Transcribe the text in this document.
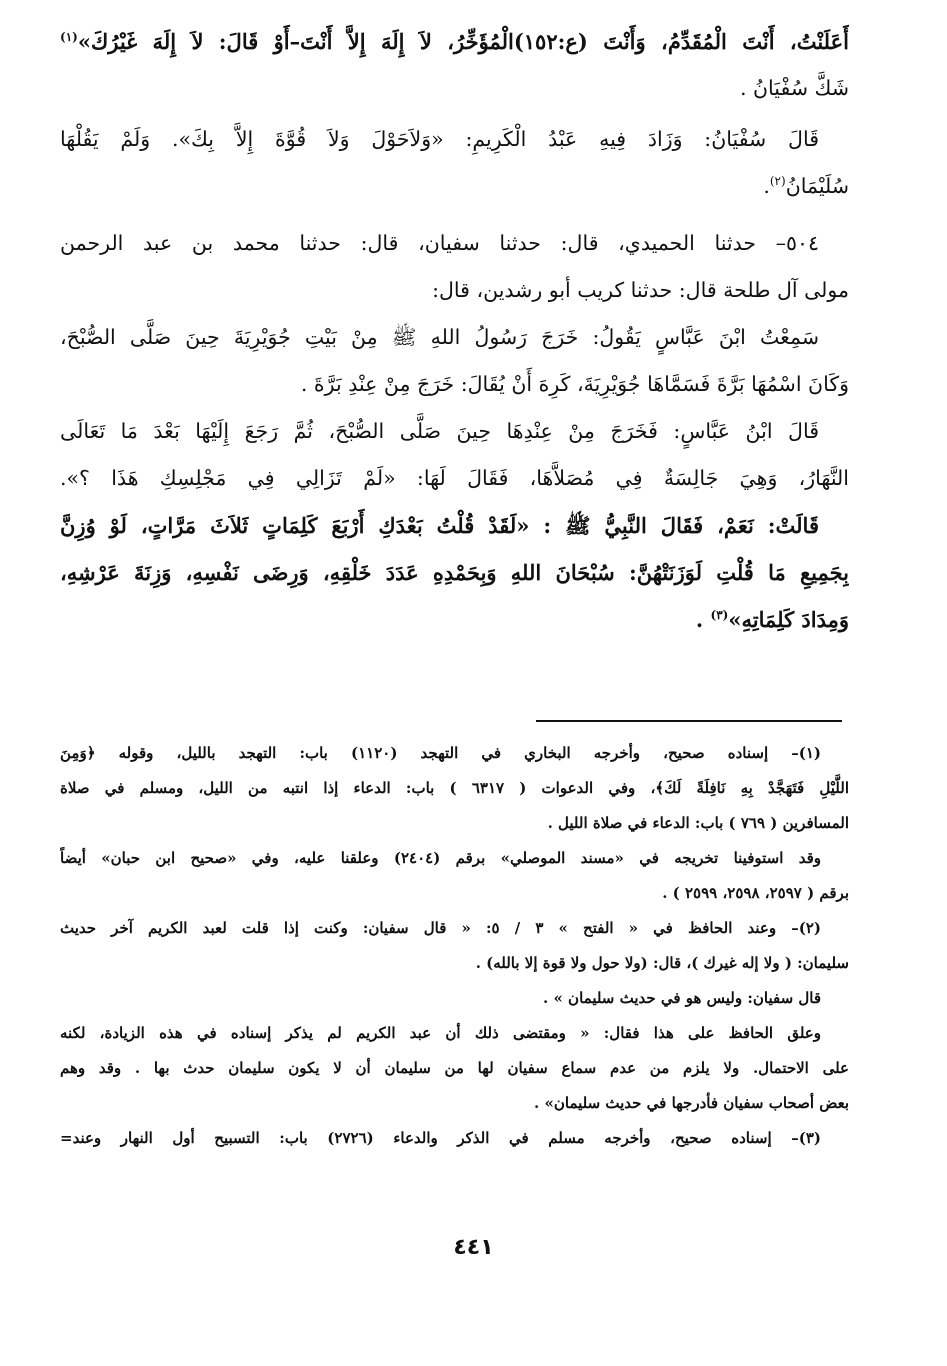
أَعَلَنْتُ، أَنْتَ الْمُقَدِّمُ، وَأَنْتَ (ع:١٥٢)الْمُؤَخِّرُ، لاَ إِلَهَ إِلاَّ أَنْتَ–أَوْ قَالَ: لاَ إِلَهَ غَيْرُكَ»$^{(١)}$
شَكَّ سُفْيَانُ .
قَالَ سُفْيَانُ: وَزَادَ فِيهِ عَبْدُ الْكَرِيمِ: «وَلاَحَوْلَ وَلاَ قُوَّةَ إِلاَّ بِكَ». وَلَمْ يَقُلْهَا
سُلَيْمَانُ$^{(٢)}$.
٥٠٤– حدثنا الحميدي، قال: حدثنا سفيان، قال: حدثنا محمد بن عبد الرحمن
مولى آل طلحة قال: حدثنا كريب أبو رشدين، قال:
سَمِعْتُ ابْنَ عَبَّاسٍ يَقُولُ: خَرَجَ رَسُولُ اللهِ ﷺ مِنْ بَيْتِ جُوَيْرِيَةَ حِينَ صَلَّى الصُّبْحَ،
وَكَانَ اسْمُهَا بَرَّةَ فَسَمَّاهَا جُوَيْرِيَةَ، كَرِهَ أَنْ يُقَالَ: خَرَجَ مِنْ عِنْدِ بَرَّةَ .
قَالَ ابْنُ عَبَّاسٍ: فَخَرَجَ مِنْ عِنْدِهَا حِينَ صَلَّى الصُّبْحَ، ثُمَّ رَجَعَ إِلَيْهَا بَعْدَ مَا تَعَالَى
النَّهَارُ، وَهِيَ جَالِسَةٌ فِي مُصَلاَّهَا، فَقَالَ لَهَا: «لَمْ تَزَالِي فِي مَجْلِسِكِ هَذَا ؟».
قَالَتْ: نَعَمْ، فَقَالَ النَّبِيُّ ﷺ : «لَقَدْ قُلْتُ بَعْدَكِ أَرْبَعَ كَلِمَاتٍ ثَلاَثَ مَرَّاتٍ، لَوْ وُزِنَّ
بِجَمِيعِ مَا قُلْتِ لَوَزَنَتْهُنَّ: سُبْحَانَ اللهِ وَبِحَمْدِهِ عَدَدَ خَلْقِهِ، وَرِضَى نَفْسِهِ، وَزِنَةَ عَرْشِهِ،
وَمِدَادَ كَلِمَاتِهِ»$^{(٣)}$ .
(١)– إسناده صحيح، وأخرجه البخاري في التهجد (١١٢٠) باب: التهجد بالليل، وقوله ﴿وَمِنَ
اللَّيْلِ فَتَهَجَّدْ بِهِ نَافِلَةً لَكَ﴾، وفي الدعوات ( ٦٣١٧ ) باب: الدعاء إذا انتبه من الليل، ومسلم في صلاة
المسافرين ( ٧٦٩ ) باب: الدعاء في صلاة الليل .
وقد استوفينا تخريجه في «مسند الموصلي» برقم (٢٤٠٤) وعلقنا عليه، وفي «صحيح ابن حبان» أيضاً
برقم ( ٢٥٩٧، ٢٥٩٨، ٢٥٩٩ ) .
(٢)– وعند الحافظ في « الفتح » ٣ / ٥: « قال سفيان: وكنت إذا قلت لعبد الكريم آخر حديث
سليمان: ( ولا إله غيرك )، قال: (ولا حول ولا قوة إلا بالله) .
قال سفيان: وليس هو في حديث سليمان » .
وعلق الحافظ على هذا فقال: « ومقتضى ذلك أن عبد الكريم لم يذكر إسناده في هذه الزيادة، لكنه
على الاحتمال. ولا يلزم من عدم سماع سفيان لها من سليمان أن لا يكون سليمان حدث بها . وقد وهم
بعض أصحاب سفيان فأدرجها في حديث سليمان» .
(٣)– إسناده صحيح، وأخرجه مسلم في الذكر والدعاء (٢٧٢٦) باب: التسبيح أول النهار وعند=
٤٤١
